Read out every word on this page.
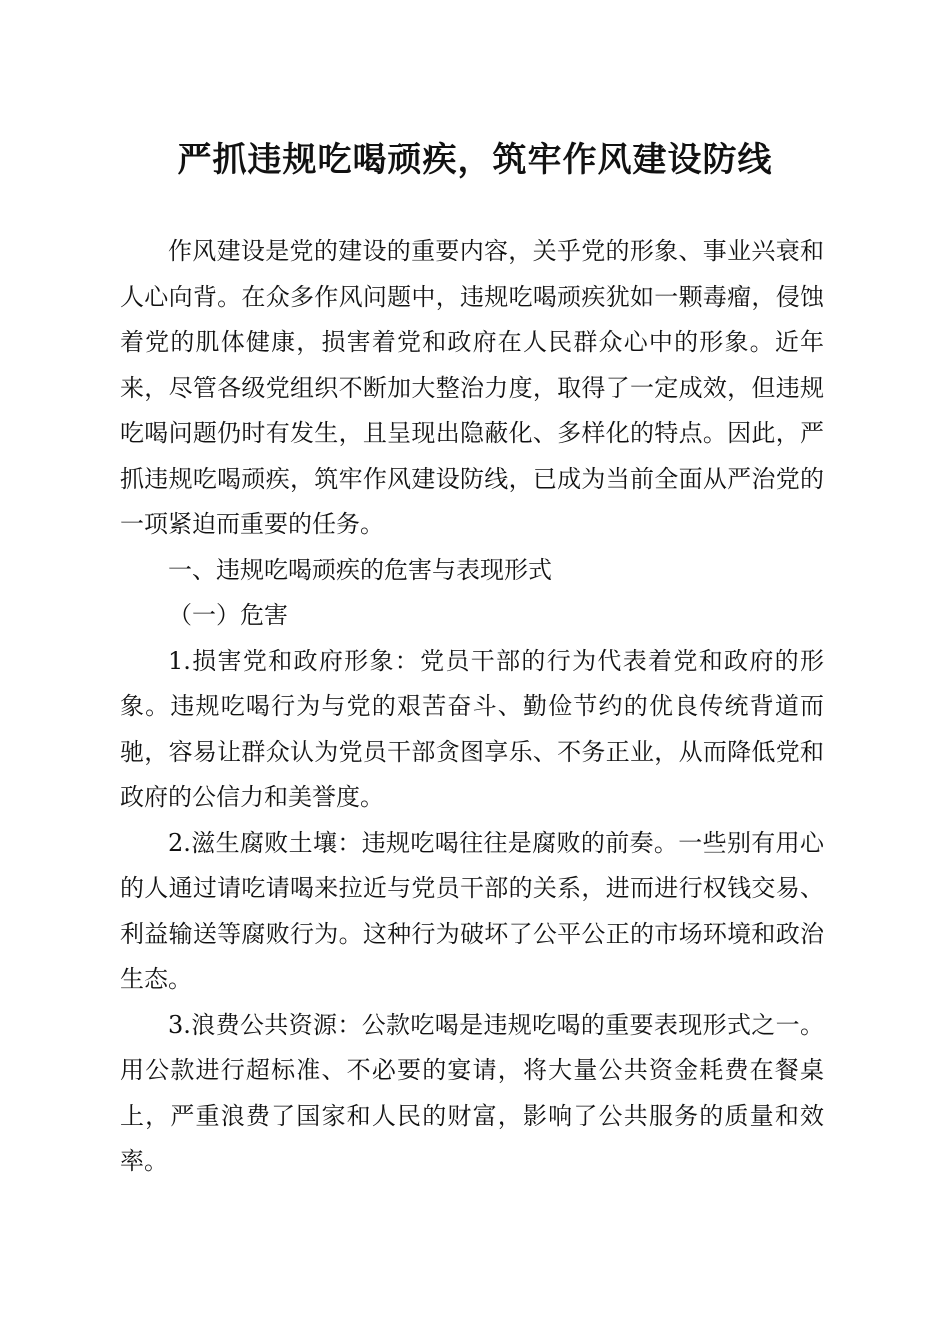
严抓违规吃喝顽疾，筑牢作风建设防线

作风建设是党的建设的重要内容，关乎党的形象、事业兴衰和人心向背。在众多作风问题中，违规吃喝顽疾犹如一颗毒瘤，侵蚀着党的肌体健康，损害着党和政府在人民群众心中的形象。近年来，尽管各级党组织不断加大整治力度，取得了一定成效，但违规吃喝问题仍时有发生，且呈现出隐蔽化、多样化的特点。因此，严抓违规吃喝顽疾，筑牢作风建设防线，已成为当前全面从严治党的一项紧迫而重要的任务。

一、违规吃喝顽疾的危害与表现形式

（一）危害

1.损害党和政府形象：党员干部的行为代表着党和政府的形象。违规吃喝行为与党的艰苦奋斗、勤俭节约的优良传统背道而驰，容易让群众认为党员干部贪图享乐、不务正业，从而降低党和政府的公信力和美誉度。

2.滋生腐败土壤：违规吃喝往往是腐败的前奏。一些别有用心的人通过请吃请喝来拉近与党员干部的关系，进而进行权钱交易、利益输送等腐败行为。这种行为破坏了公平公正的市场环境和政治生态。

3.浪费公共资源：公款吃喝是违规吃喝的重要表现形式之一。用公款进行超标准、不必要的宴请，将大量公共资金耗费在餐桌上，严重浪费了国家和人民的财富，影响了公共服务的质量和效率。
